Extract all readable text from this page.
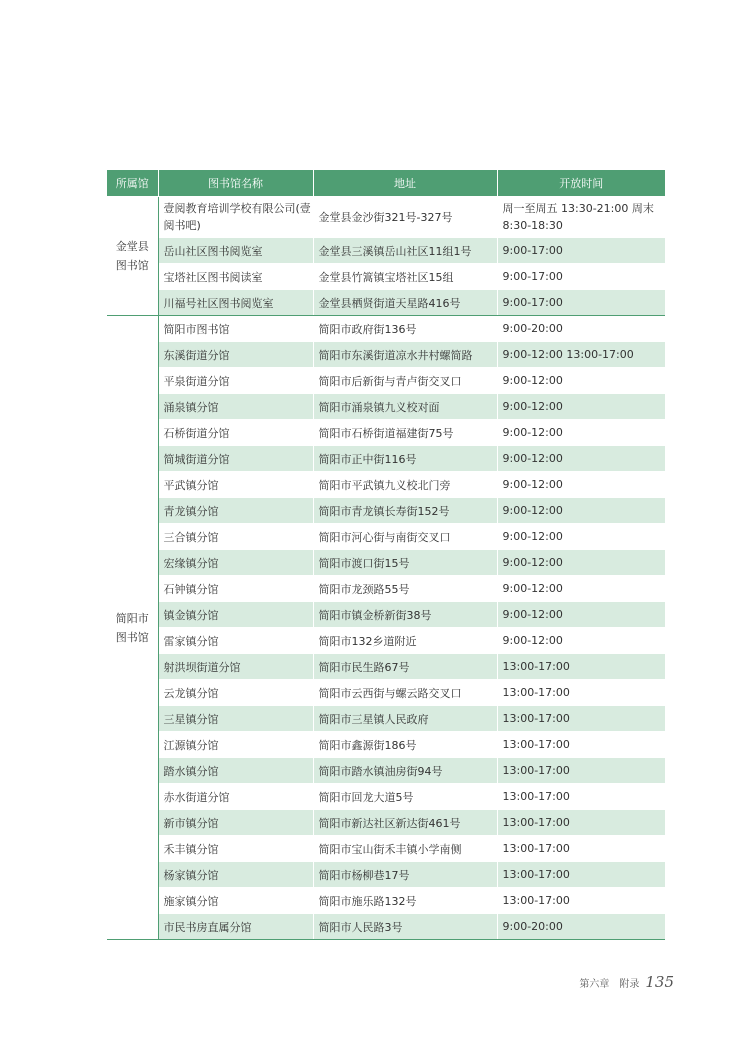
所属馆	图书馆名称	地址	开放时间
金堂县图书馆	壹阅教育培训学校有限公司(壹阅书吧)	金堂县金沙街321号-327号	周一至周五 13:30-21:00 周末8:30-18:30
	岳山社区图书阅览室	金堂县三溪镇岳山社区11组1号	9:00-17:00
	宝塔社区图书阅读室	金堂县竹篙镇宝塔社区15组	9:00-17:00
	川福号社区图书阅览室	金堂县栖贤街道天星路416号	9:00-17:00
简阳市图书馆	简阳市图书馆	简阳市政府街136号	9:00-20:00
	东溪街道分馆	简阳市东溪街道凉水井村螺简路	9:00-12:00 13:00-17:00
	平泉街道分馆	简阳市后新街与青卢街交叉口	9:00-12:00
	涌泉镇分馆	简阳市涌泉镇九义校对面	9:00-12:00
	石桥街道分馆	简阳市石桥街道福建街75号	9:00-12:00
	简城街道分馆	简阳市正中街116号	9:00-12:00
	平武镇分馆	简阳市平武镇九义校北门旁	9:00-12:00
	青龙镇分馆	简阳市青龙镇长寿街152号	9:00-12:00
	三合镇分馆	简阳市河心街与南街交叉口	9:00-12:00
	宏缘镇分馆	简阳市渡口街15号	9:00-12:00
	石钟镇分馆	简阳市龙颈路55号	9:00-12:00
	镇金镇分馆	简阳市镇金桥新街38号	9:00-12:00
	雷家镇分馆	简阳市132乡道附近	9:00-12:00
	射洪坝街道分馆	简阳市民生路67号	13:00-17:00
	云龙镇分馆	简阳市云西街与螺云路交叉口	13:00-17:00
	三星镇分馆	简阳市三星镇人民政府	13:00-17:00
	江源镇分馆	简阳市鑫源街186号	13:00-17:00
	踏水镇分馆	简阳市踏水镇油房街94号	13:00-17:00
	赤水街道分馆	简阳市回龙大道5号	13:00-17:00
	新市镇分馆	简阳市新达社区新达街461号	13:00-17:00
	禾丰镇分馆	简阳市宝山街禾丰镇小学南侧	13:00-17:00
	杨家镇分馆	简阳市杨柳巷17号	13:00-17:00
	施家镇分馆	简阳市施乐路132号	13:00-17:00
	市民书房直属分馆	简阳市人民路3号	9:00-20:00
第六章  附录 135
